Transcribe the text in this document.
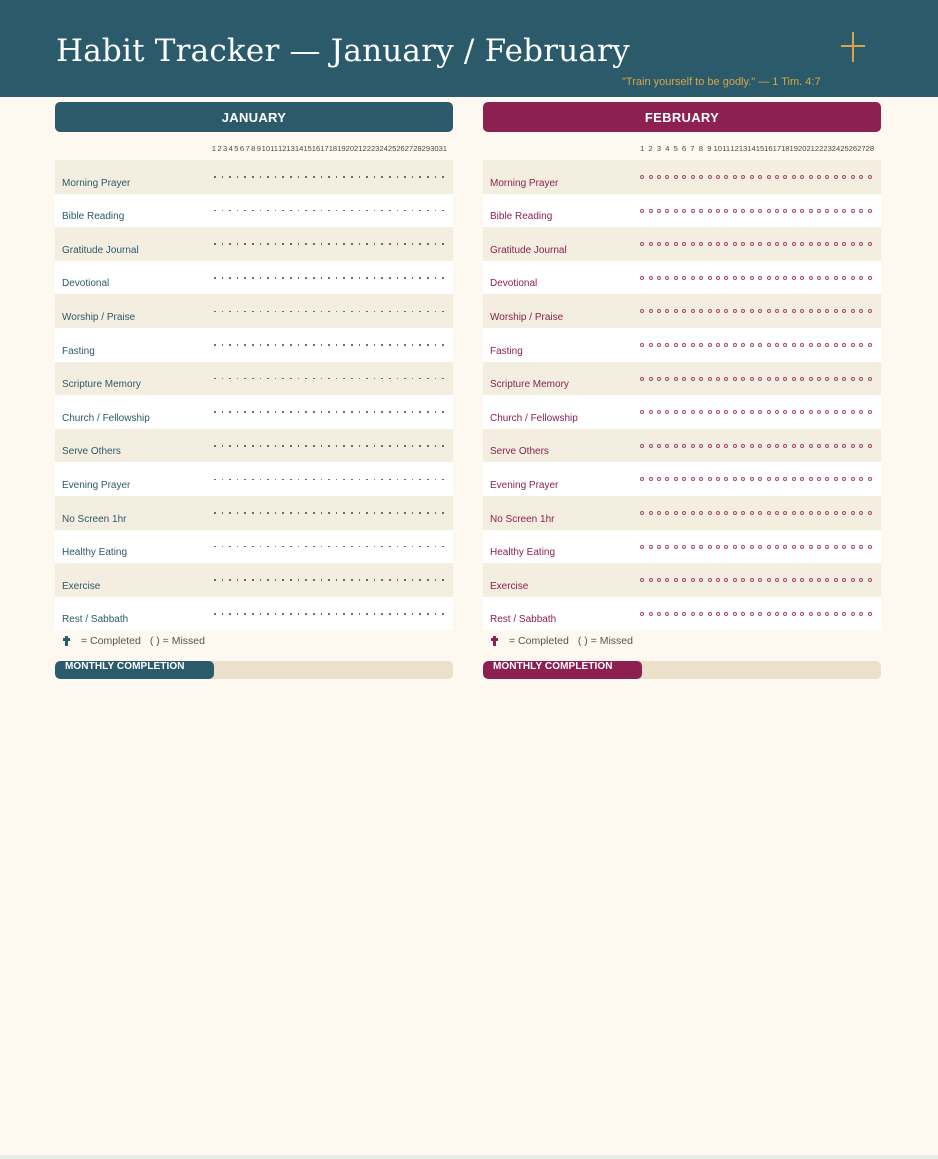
Habit Tracker — January / February
"Train yourself to be godly." — 1 Tim. 4:7
JANUARY
1 2 3 4 5 6 7 8 9 10 11 12 13 14 15 16 17 18 19 20 21 22 23 24 25 26 27 28 29 30 31
Morning Prayer
Bible Reading
Gratitude Journal
Devotional
Worship / Praise
Fasting
Scripture Memory
Church / Fellowship
Serve Others
Evening Prayer
No Screen 1hr
Healthy Eating
Exercise
Rest / Sabbath
= Completed ( ) = Missed
MONTHLY COMPLETION
FEBRUARY
1 2 3 4 5 6 7 8 9 10 11 12 13 14 15 16 17 18 19 20 21 22 23 24 25 26 27 28
Morning Prayer
Bible Reading
Gratitude Journal
Devotional
Worship / Praise
Fasting
Scripture Memory
Church / Fellowship
Serve Others
Evening Prayer
No Screen 1hr
Healthy Eating
Exercise
Rest / Sabbath
= Completed ( ) = Missed
MONTHLY COMPLETION
